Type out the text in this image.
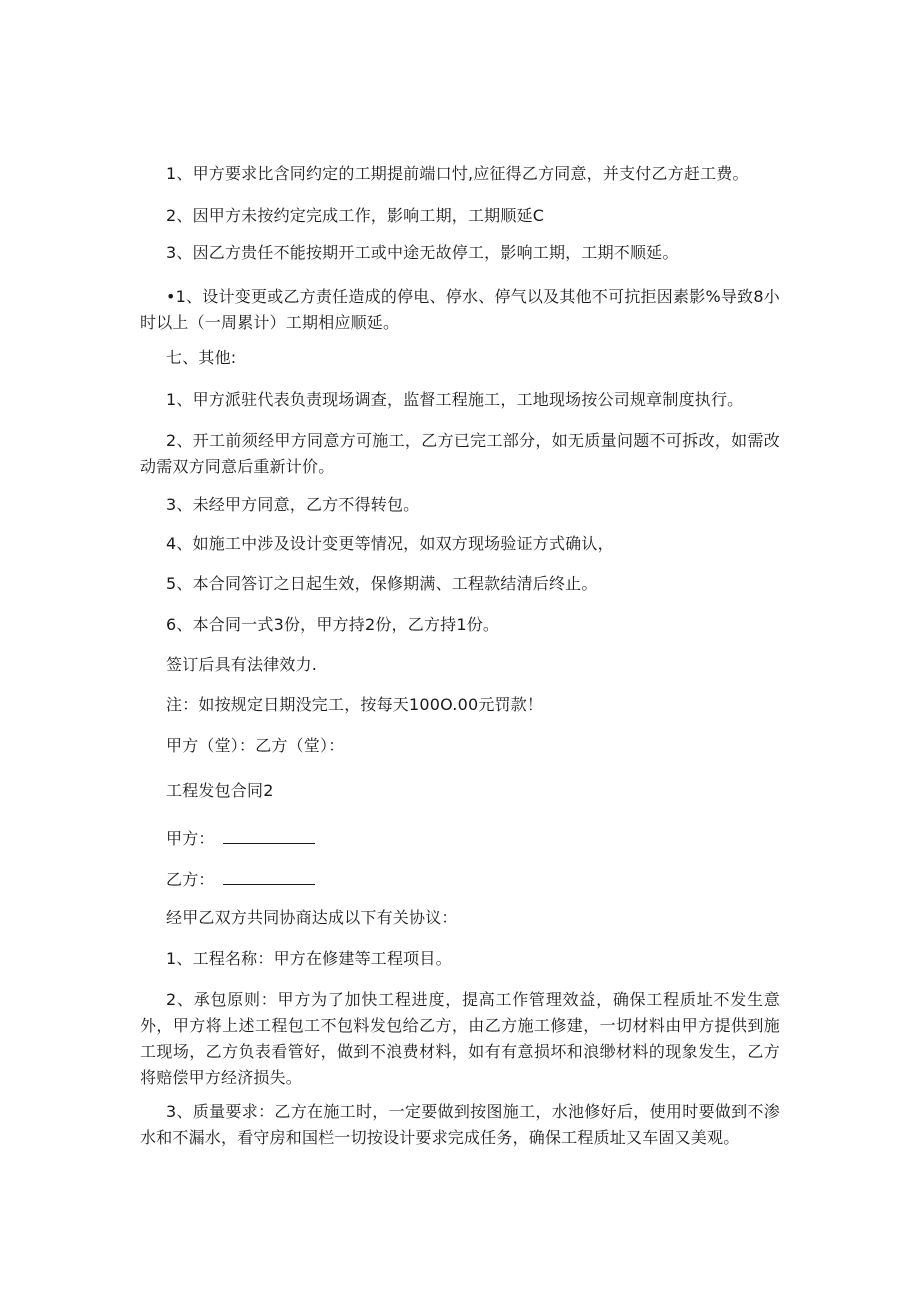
1、甲方要求比含同约定的工期提前端口忖,应征得乙方同意，并支付乙方赶工费。

2、因甲方未按约定完成工作，影响工期，工期顺延C

3、因乙方贵任不能按期开工或中途无故停工，影响工期，工期不顺延。

•1、设计变更或乙方责任造成的停电、停水、停气以及其他不可抗拒因素影%导致8小时以上（一周累计）工期相应顺延。

七、其他:

1、甲方派驻代表负责现场调查，监督工程施工，工地现场按公司规章制度执行。

2、开工前须经甲方同意方可施工，乙方已完工部分，如无质量问题不可拆改，如需改动需双方同意后重新计价。

3、未经甲方同意，乙方不得转包。

4、如施工中涉及设计变更等情况，如双方现场验证方式确认，

5、本合同答订之日起生效，保修期满、工程款结清后终止。

6、本合同一式3份，甲方持2份，乙方持1份。

签订后具有法律效力.

注：如按规定日期没完工，按每天100O.00元罚款！

甲方（堂）：乙方（堂）：

工程发包合同2

甲方：
乙方：

经甲乙双方共同协商达成以下有关协议：

1、工程名称：甲方在修建等工程项目。

2、承包原则：甲方为了加快工程进度，提高工作管理效益，确保工程质址不发生意外，甲方将上述工程包工不包料发包给乙方，由乙方施工修建，一切材料由甲方提供到施工现场，乙方负表看管好，做到不浪费材料，如有有意损坏和浪缈材料的现象发生，乙方将赔偿甲方经济损失。

3、质量要求：乙方在施工时，一定要做到按图施工，水池修好后，使用时要做到不渗水和不漏水，看守房和国栏一切按设计要求完成任务，确保工程质址又车固又美观。
